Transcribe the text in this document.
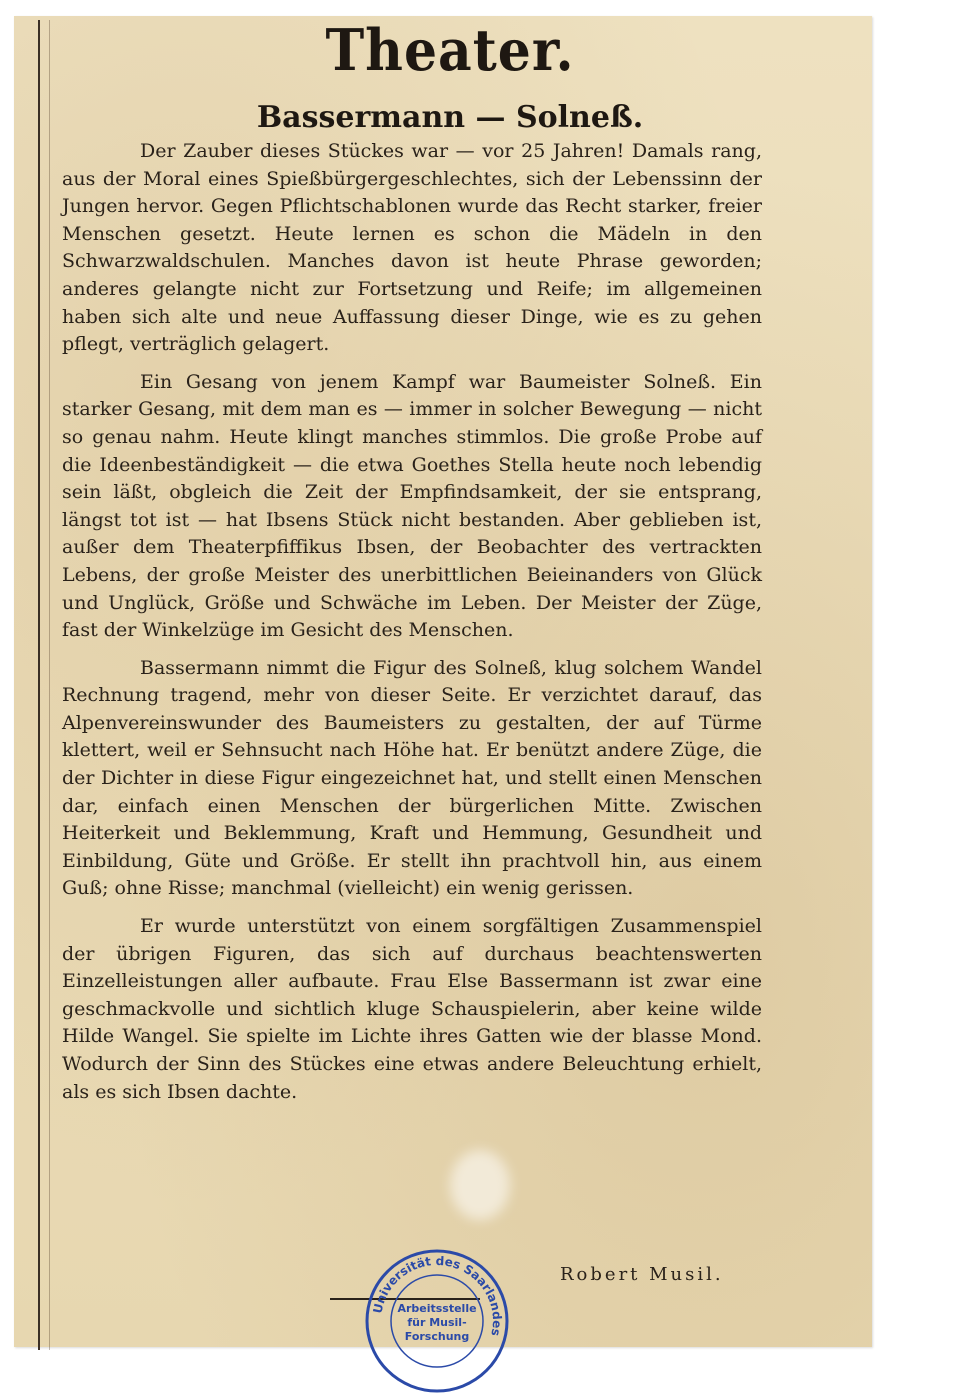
Theater.
Bassermann — Solneß.

Der Zauber dieses Stückes war — vor 25 Jahren! Damals rang, aus der Moral eines Spießbürgergeschlechtes, sich der Lebenssinn der Jungen hervor. Gegen Pflichtschablonen wurde das Recht starker, freier Menschen gesetzt. Heute lernen es schon die Mädeln in den Schwarzwaldschulen. Manches davon ist heute Phrase geworden; anderes gelangte nicht zur Fortsetzung und Reife; im allgemeinen haben sich alte und neue Auffassung dieser Dinge, wie es zu gehen pflegt, verträglich gelagert.

Ein Gesang von jenem Kampf war Baumeister Solneß. Ein starker Gesang, mit dem man es — immer in solcher Bewegung — nicht so genau nahm. Heute klingt manches stimmlos. Die große Probe auf die Ideenbeständigkeit — die etwa Goethes Stella heute noch lebendig sein läßt, obgleich die Zeit der Empfindsamkeit, der sie entsprang, längst tot ist — hat Ibsens Stück nicht bestanden. Aber geblieben ist, außer dem Theaterpfiffikus Ibsen, der Beobachter des vertrackten Lebens, der große Meister des unerbittlichen Beieinanders von Glück und Unglück, Größe und Schwäche im Leben. Der Meister der Züge, fast der Winkelzüge im Gesicht des Menschen.

Bassermann nimmt die Figur des Solneß, klug solchem Wandel Rechnung tragend, mehr von dieser Seite. Er verzichtet darauf, das Alpenvereinswunder des Baumeisters zu gestalten, der auf Türme klettert, weil er Sehnsucht nach Höhe hat. Er benützt andere Züge, die der Dichter in diese Figur eingezeichnet hat, und stellt einen Menschen dar, einfach einen Menschen der bürgerlichen Mitte. Zwischen Heiterkeit und Beklemmung, Kraft und Hemmung, Gesundheit und Einbildung, Güte und Größe. Er stellt ihn prachtvoll hin, aus einem Guß; ohne Risse; manchmal (vielleicht) ein wenig gerissen.

Er wurde unterstützt von einem sorgfältigen Zusammenspiel der übrigen Figuren, das sich auf durchaus beachtenswerten Einzelleistungen aller aufbaute. Frau Else Bassermann ist zwar eine geschmackvolle und sichtlich kluge Schauspielerin, aber keine wilde Hilde Wangel. Sie spielte im Lichte ihres Gatten wie der blasse Mond. Wodurch der Sinn des Stückes eine etwas andere Beleuchtung erhielt, als es sich Ibsen dachte.

Robert Musil.
Universität des Saarlandes
Arbeitsstelle
für Musil-
Forschung
